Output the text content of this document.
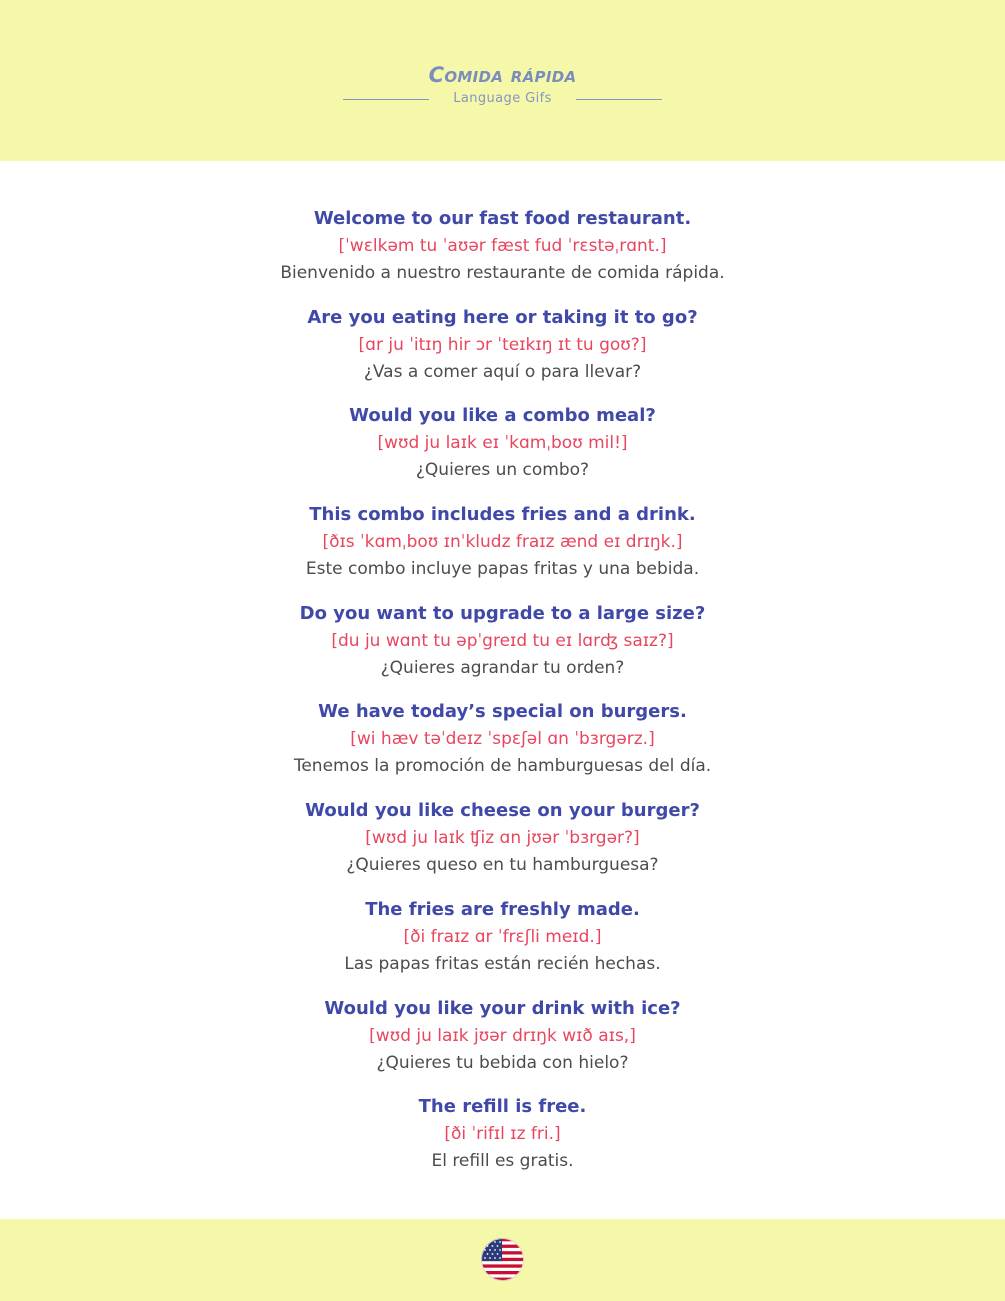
Comida rápida
Language Gifs
Welcome to our fast food restaurant.
[ˈwɛlkəm tu ˈaʊər fæst fud ˈrɛstəˌrɑnt.]
Bienvenido a nuestro restaurante de comida rápida.
Are you eating here or taking it to go?
[ɑr ju ˈitɪŋ hir ɔr ˈteɪkɪŋ ɪt tu goʊ?]
¿Vas a comer aquí o para llevar?
Would you like a combo meal?
[wʊd ju laɪk eɪ ˈkɑmˌboʊ mil!]
¿Quieres un combo?
This combo includes fries and a drink.
[ðɪs ˈkɑmˌboʊ ɪnˈkludz fraɪz ænd eɪ drɪŋk.]
Este combo incluye papas fritas y una bebida.
Do you want to upgrade to a large size?
[du ju wɑnt tu əpˈgreɪd tu eɪ lɑrʤ saɪz?]
¿Quieres agrandar tu orden?
We have today’s special on burgers.
[wi hæv təˈdeɪz ˈspɛʃəl ɑn ˈbɜrgərz.]
Tenemos la promoción de hamburguesas del día.
Would you like cheese on your burger?
[wʊd ju laɪk ʧiz ɑn jʊər ˈbɜrgər?]
¿Quieres queso en tu hamburguesa?
The fries are freshly made.
[ði fraɪz ɑr ˈfrɛʃli meɪd.]
Las papas fritas están recién hechas.
Would you like your drink with ice?
[wʊd ju laɪk jʊər drɪŋk wɪð aɪs,]
¿Quieres tu bebida con hielo?
The refill is free.
[ði ˈrifɪl ɪz fri.]
El refill es gratis.
